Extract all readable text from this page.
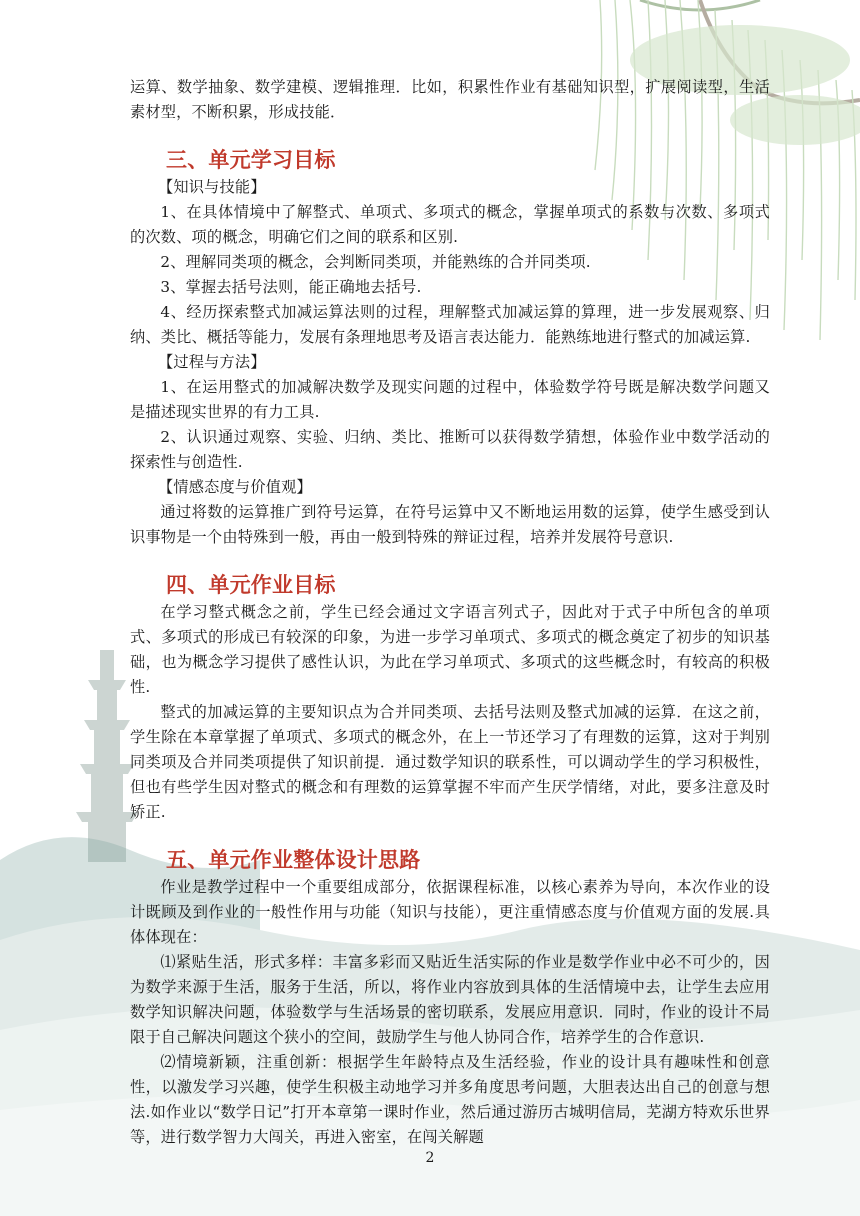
运算、数学抽象、数学建模、逻辑推理．比如，积累性作业有基础知识型，扩展阅读型，生活素材型，不断积累，形成技能．

三、单元学习目标

【知识与技能】

1、在具体情境中了解整式、单项式、多项式的概念，掌握单项式的系数与次数、多项式的次数、项的概念，明确它们之间的联系和区别.

2、理解同类项的概念，会判断同类项，并能熟练的合并同类项.

3、掌握去括号法则，能正确地去括号.

4、经历探索整式加减运算法则的过程，理解整式加减运算的算理，进一步发展观察、归纳、类比、概括等能力，发展有条理地思考及语言表达能力．能熟练地进行整式的加减运算.

【过程与方法】

1、在运用整式的加减解决数学及现实问题的过程中，体验数学符号既是解决数学问题又是描述现实世界的有力工具.

2、认识通过观察、实验、归纳、类比、推断可以获得数学猜想，体验作业中数学活动的探索性与创造性.

【情感态度与价值观】

通过将数的运算推广到符号运算，在符号运算中又不断地运用数的运算，使学生感受到认识事物是一个由特殊到一般，再由一般到特殊的辩证过程，培养并发展符号意识.

四、单元作业目标

在学习整式概念之前，学生已经会通过文字语言列式子，因此对于式子中所包含的单项式、多项式的形成已有较深的印象，为进一步学习单项式、多项式的概念奠定了初步的知识基础，也为概念学习提供了感性认识，为此在学习单项式、多项式的这些概念时，有较高的积极性.

整式的加减运算的主要知识点为合并同类项、去括号法则及整式加减的运算．在这之前，学生除在本章掌握了单项式、多项式的概念外，在上一节还学习了有理数的运算，这对于判别同类项及合并同类项提供了知识前提．通过数学知识的联系性，可以调动学生的学习积极性，但也有些学生因对整式的概念和有理数的运算掌握不牢而产生厌学情绪，对此，要多注意及时矫正.

五、单元作业整体设计思路

作业是教学过程中一个重要组成部分，依据课程标准，以核心素养为导向，本次作业的设计既顾及到作业的一般性作用与功能（知识与技能），更注重情感态度与价值观方面的发展.具体体现在：

⑴紧贴生活，形式多样：丰富多彩而又贴近生活实际的作业是数学作业中必不可少的，因为数学来源于生活，服务于生活，所以，将作业内容放到具体的生活情境中去，让学生去应用数学知识解决问题，体验数学与生活场景的密切联系，发展应用意识．同时，作业的设计不局限于自己解决问题这个狭小的空间，鼓励学生与他人协同合作，培养学生的合作意识.

⑵情境新颖，注重创新：根据学生年龄特点及生活经验，作业的设计具有趣味性和创意性，以激发学习兴趣，使学生积极主动地学习并多角度思考问题，大胆表达出自己的创意与想法.如作业以“数学日记”打开本章第一课时作业，然后通过游历古城明信局，芜湖方特欢乐世界等，进行数学智力大闯关，再进入密室，在闯关解题

2
